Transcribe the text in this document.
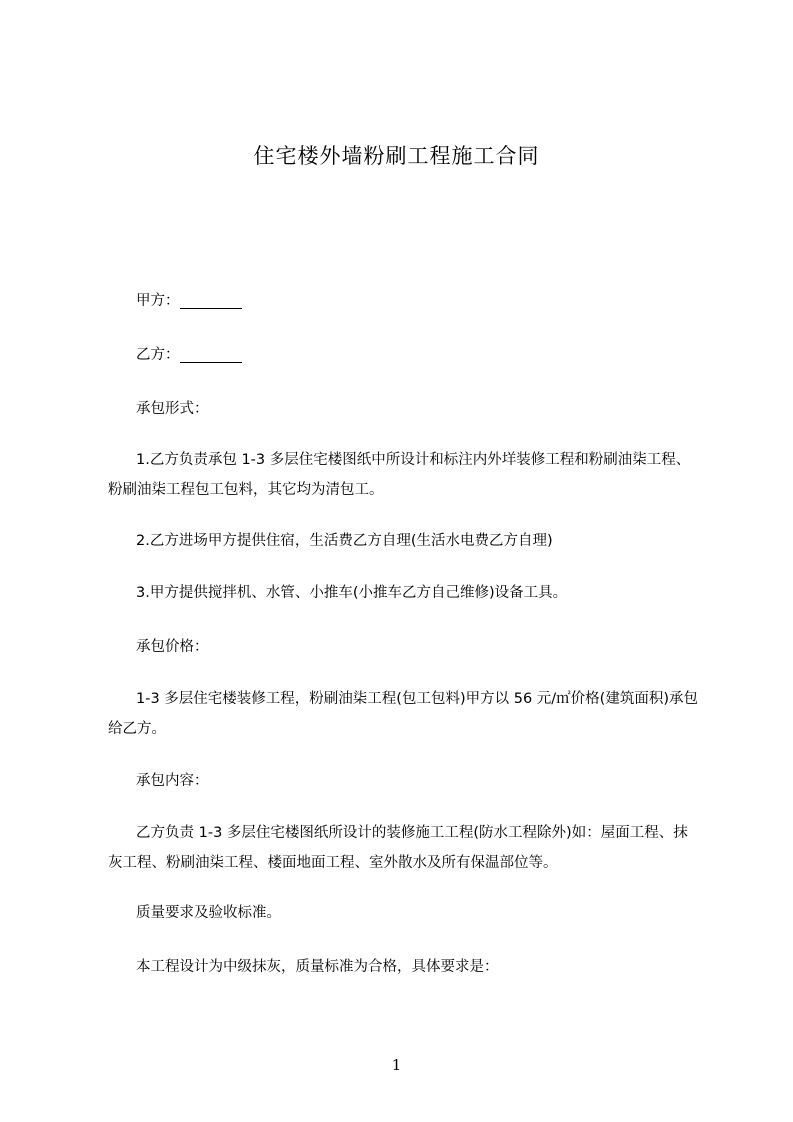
住宅楼外墙粉刷工程施工合同
甲方：
乙方：
承包形式：
1.乙方负责承包 1-3 多层住宅楼图纸中所设计和标注内外垟装修工程和粉刷油柒工程、粉刷油柒工程包工包料，其它均为清包工。
2.乙方进场甲方提供住宿，生活费乙方自理(生活水电费乙方自理)
3.甲方提供搅拌机、水管、小推车(小推车乙方自己维修)设备工具。
承包价格：
1-3 多层住宅楼装修工程，粉刷油柒工程(包工包料)甲方以 56 元/㎡价格(建筑面积)承包给乙方。
承包内容：
乙方负责 1-3 多层住宅楼图纸所设计的装修施工工程(防水工程除外)如：屋面工程、抹灰工程、粉刷油柒工程、楼面地面工程、室外散水及所有保温部位等。
质量要求及验收标准。
本工程设计为中级抹灰，质量标准为合格，具体要求是：
1
